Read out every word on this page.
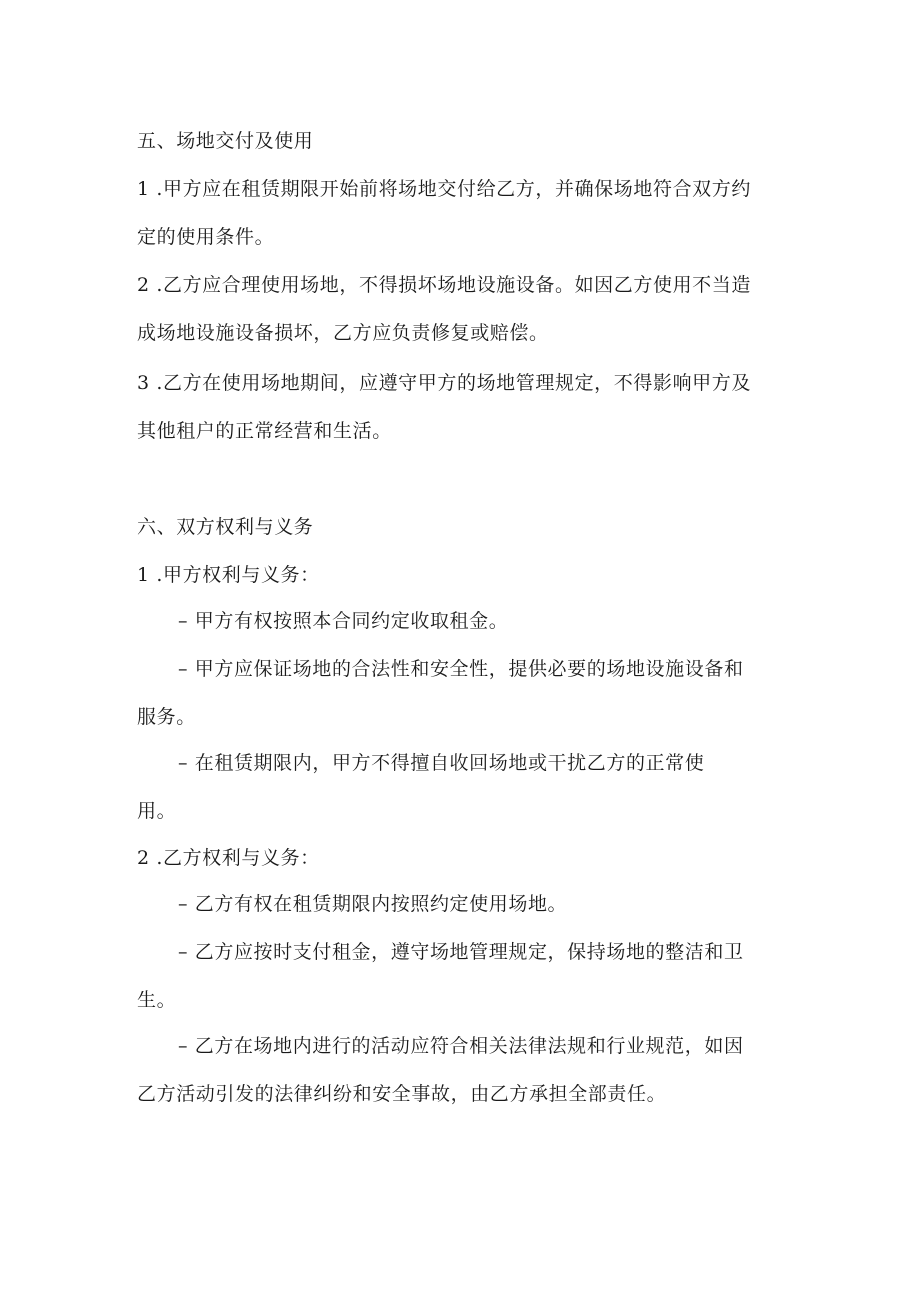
五、场地交付及使用
1 .甲方应在租赁期限开始前将场地交付给乙方，并确保场地符合双方约
定的使用条件。
2 .乙方应合理使用场地，不得损坏场地设施设备。如因乙方使用不当造
成场地设施设备损坏，乙方应负责修复或赔偿。
3 .乙方在使用场地期间，应遵守甲方的场地管理规定，不得影响甲方及
其他租户的正常经营和生活。
六、双方权利与义务
1 .甲方权利与义务：
– 甲方有权按照本合同约定收取租金。
– 甲方应保证场地的合法性和安全性，提供必要的场地设施设备和
服务。
– 在租赁期限内，甲方不得擅自收回场地或干扰乙方的正常使
用。
2 .乙方权利与义务：
– 乙方有权在租赁期限内按照约定使用场地。
– 乙方应按时支付租金，遵守场地管理规定，保持场地的整洁和卫
生。
– 乙方在场地内进行的活动应符合相关法律法规和行业规范，如因
乙方活动引发的法律纠纷和安全事故，由乙方承担全部责任。
